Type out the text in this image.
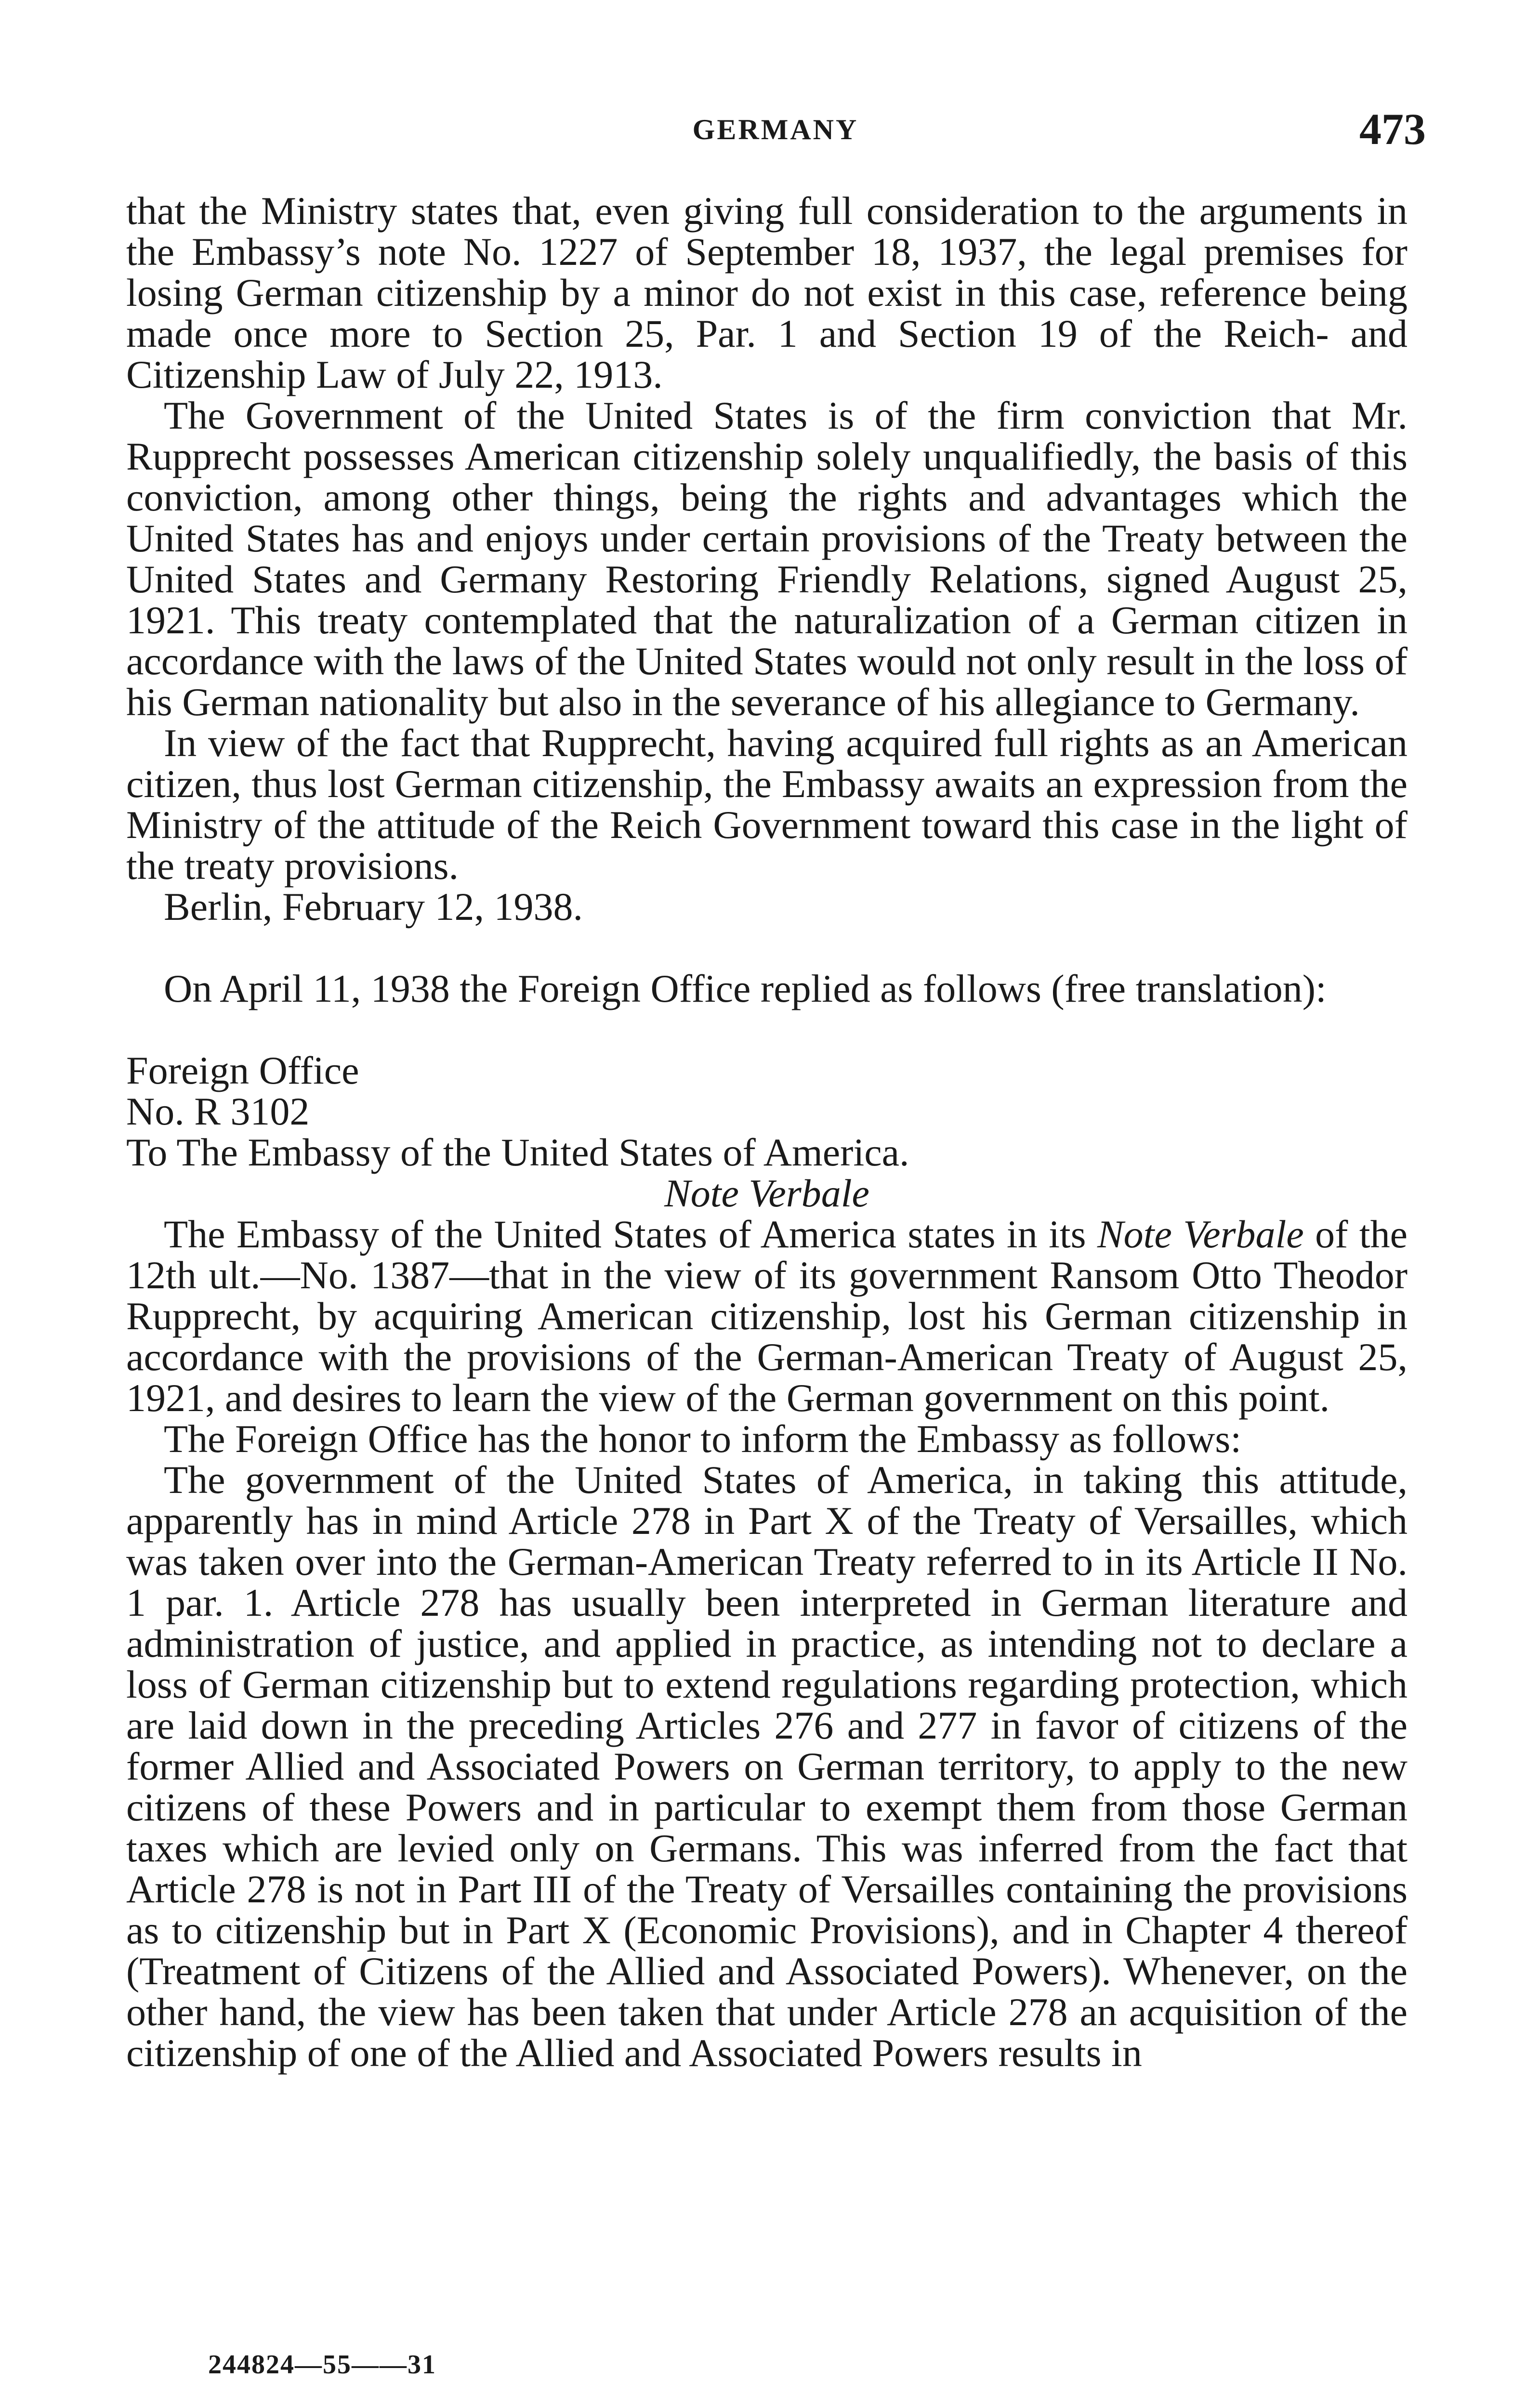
GERMANY	473

that the Ministry states that, even giving full consideration to the arguments in the Embassy’s note No. 1227 of September 18, 1937, the legal premises for losing German citizenship by a minor do not exist in this case, reference being made once more to Section 25, Par. 1 and Section 19 of the Reich- and Citizenship Law of July 22, 1913.

The Government of the United States is of the firm conviction that Mr. Rupprecht possesses American citizenship solely unqualifiedly, the basis of this conviction, among other things, being the rights and advantages which the United States has and enjoys under certain provisions of the Treaty between the United States and Germany Restoring Friendly Relations, signed August 25, 1921. This treaty contemplated that the naturalization of a German citizen in accordance with the laws of the United States would not only result in the loss of his German nationality but also in the severance of his allegiance to Germany.

In view of the fact that Rupprecht, having acquired full rights as an American citizen, thus lost German citizenship, the Embassy awaits an expression from the Ministry of the attitude of the Reich Government toward this case in the light of the treaty provisions.

Berlin, February 12, 1938.

On April 11, 1938 the Foreign Office replied as follows (free translation):

Foreign Office
No. R 3102
To The Embassy of the United States of America.

Note Verbale

The Embassy of the United States of America states in its Note Verbale of the 12th ult.—No. 1387—that in the view of its government Ransom Otto Theodor Rupprecht, by acquiring American citizenship, lost his German citizenship in accordance with the provisions of the German-American Treaty of August 25, 1921, and desires to learn the view of the German government on this point.

The Foreign Office has the honor to inform the Embassy as follows:

The government of the United States of America, in taking this attitude, apparently has in mind Article 278 in Part X of the Treaty of Versailles, which was taken over into the German-American Treaty referred to in its Article II No. 1 par. 1. Article 278 has usually been interpreted in German literature and administration of justice, and applied in practice, as intending not to declare a loss of German citizenship but to extend regulations regarding protection, which are laid down in the preceding Articles 276 and 277 in favor of citizens of the former Allied and Associated Powers on German territory, to apply to the new citizens of these Powers and in particular to exempt them from those German taxes which are levied only on Germans. This was inferred from the fact that Article 278 is not in Part III of the Treaty of Versailles containing the provisions as to citizenship but in Part X (Economic Provisions), and in Chapter 4 thereof (Treatment of Citizens of the Allied and Associated Powers). Whenever, on the other hand, the view has been taken that under Article 278 an acquisition of the citizenship of one of the Allied and Associated Powers results in

244824—55——31
